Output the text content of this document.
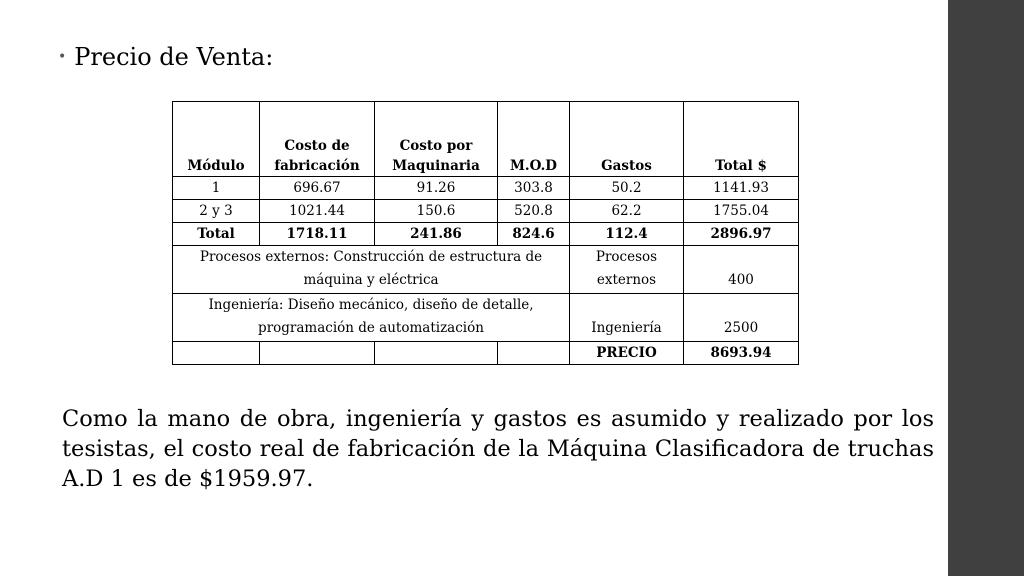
• Precio de Venta:
Módulo	Costo de fabricación	Costo por Maquinaria	M.O.D	Gastos	Total $
1	696.67	91.26	303.8	50.2	1141.93
2 y 3	1021.44	150.6	520.8	62.2	1755.04
Total	1718.11	241.86	824.6	112.4	2896.97
Procesos externos: Construcción de estructura de máquina y eléctrica				Procesos externos	400
Ingeniería: Diseño mecánico, diseño de detalle, programación de automatización				Ingeniería	2500
				PRECIO	8693.94
Como la mano de obra, ingeniería y gastos es asumido y realizado por los tesistas, el costo real de fabricación de la Máquina Clasificadora de truchas A.D 1 es de $1959.97.
